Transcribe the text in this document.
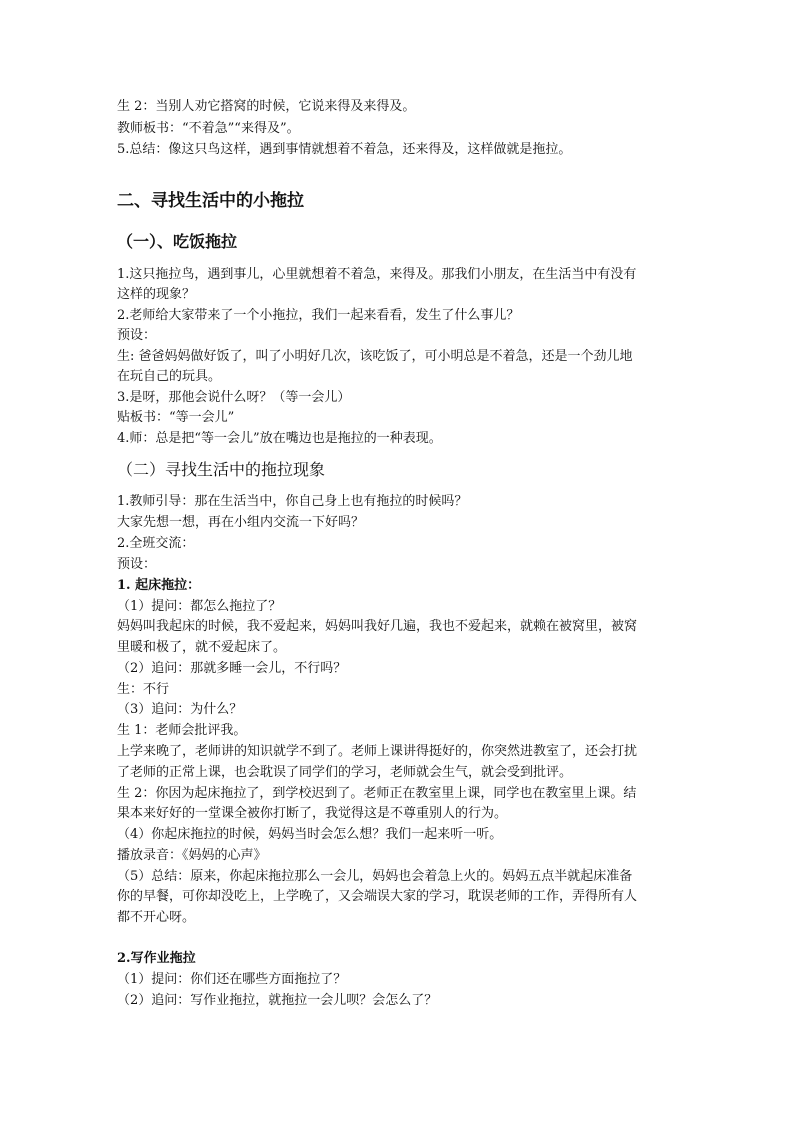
生 2：当别人劝它搭窝的时候，它说来得及来得及。
教师板书：“不着急”“来得及”。
5.总结：像这只鸟这样，遇到事情就想着不着急，还来得及，这样做就是拖拉。
二、寻找生活中的小拖拉
（一）、吃饭拖拉
1.这只拖拉鸟，遇到事儿，心里就想着不着急，来得及。那我们小朋友，在生活当中有没有
这样的现象？
2.老师给大家带来了一个小拖拉，我们一起来看看，发生了什么事儿？
预设：
生: 爸爸妈妈做好饭了，叫了小明好几次，该吃饭了，可小明总是不着急，还是一个劲儿地
在玩自己的玩具。
3.是呀，那他会说什么呀？（等一会儿）
贴板书：“等一会儿”
4.师：总是把“等一会儿”放在嘴边也是拖拉的一种表现。
（二）寻找生活中的拖拉现象
1.教师引导：那在生活当中，你自己身上也有拖拉的时候吗？
大家先想一想，再在小组内交流一下好吗？
2.全班交流：
预设：
1. 起床拖拉：
（1）提问：都怎么拖拉了？
妈妈叫我起床的时候，我不爱起来，妈妈叫我好几遍，我也不爱起来，就赖在被窝里，被窝
里暖和极了，就不爱起床了。
（2）追问：那就多睡一会儿，不行吗？
生：不行
（3）追问：为什么？
生 1：老师会批评我。
上学来晚了，老师讲的知识就学不到了。老师上课讲得挺好的，你突然进教室了，还会打扰
了老师的正常上课，也会耽误了同学们的学习，老师就会生气，就会受到批评。
生 2：你因为起床拖拉了，到学校迟到了。老师正在教室里上课，同学也在教室里上课。结
果本来好好的一堂课全被你打断了，我觉得这是不尊重别人的行为。
（4）你起床拖拉的时候，妈妈当时会怎么想？我们一起来听一听。
播放录音：《妈妈的心声》
（5）总结：原来，你起床拖拉那么一会儿，妈妈也会着急上火的。妈妈五点半就起床准备
你的早餐，可你却没吃上，上学晚了，又会端误大家的学习，耽误老师的工作，弄得所有人
都不开心呀。
2.写作业拖拉
（1）提问：你们还在哪些方面拖拉了？
（2）追问：写作业拖拉，就拖拉一会儿呗？会怎么了？
